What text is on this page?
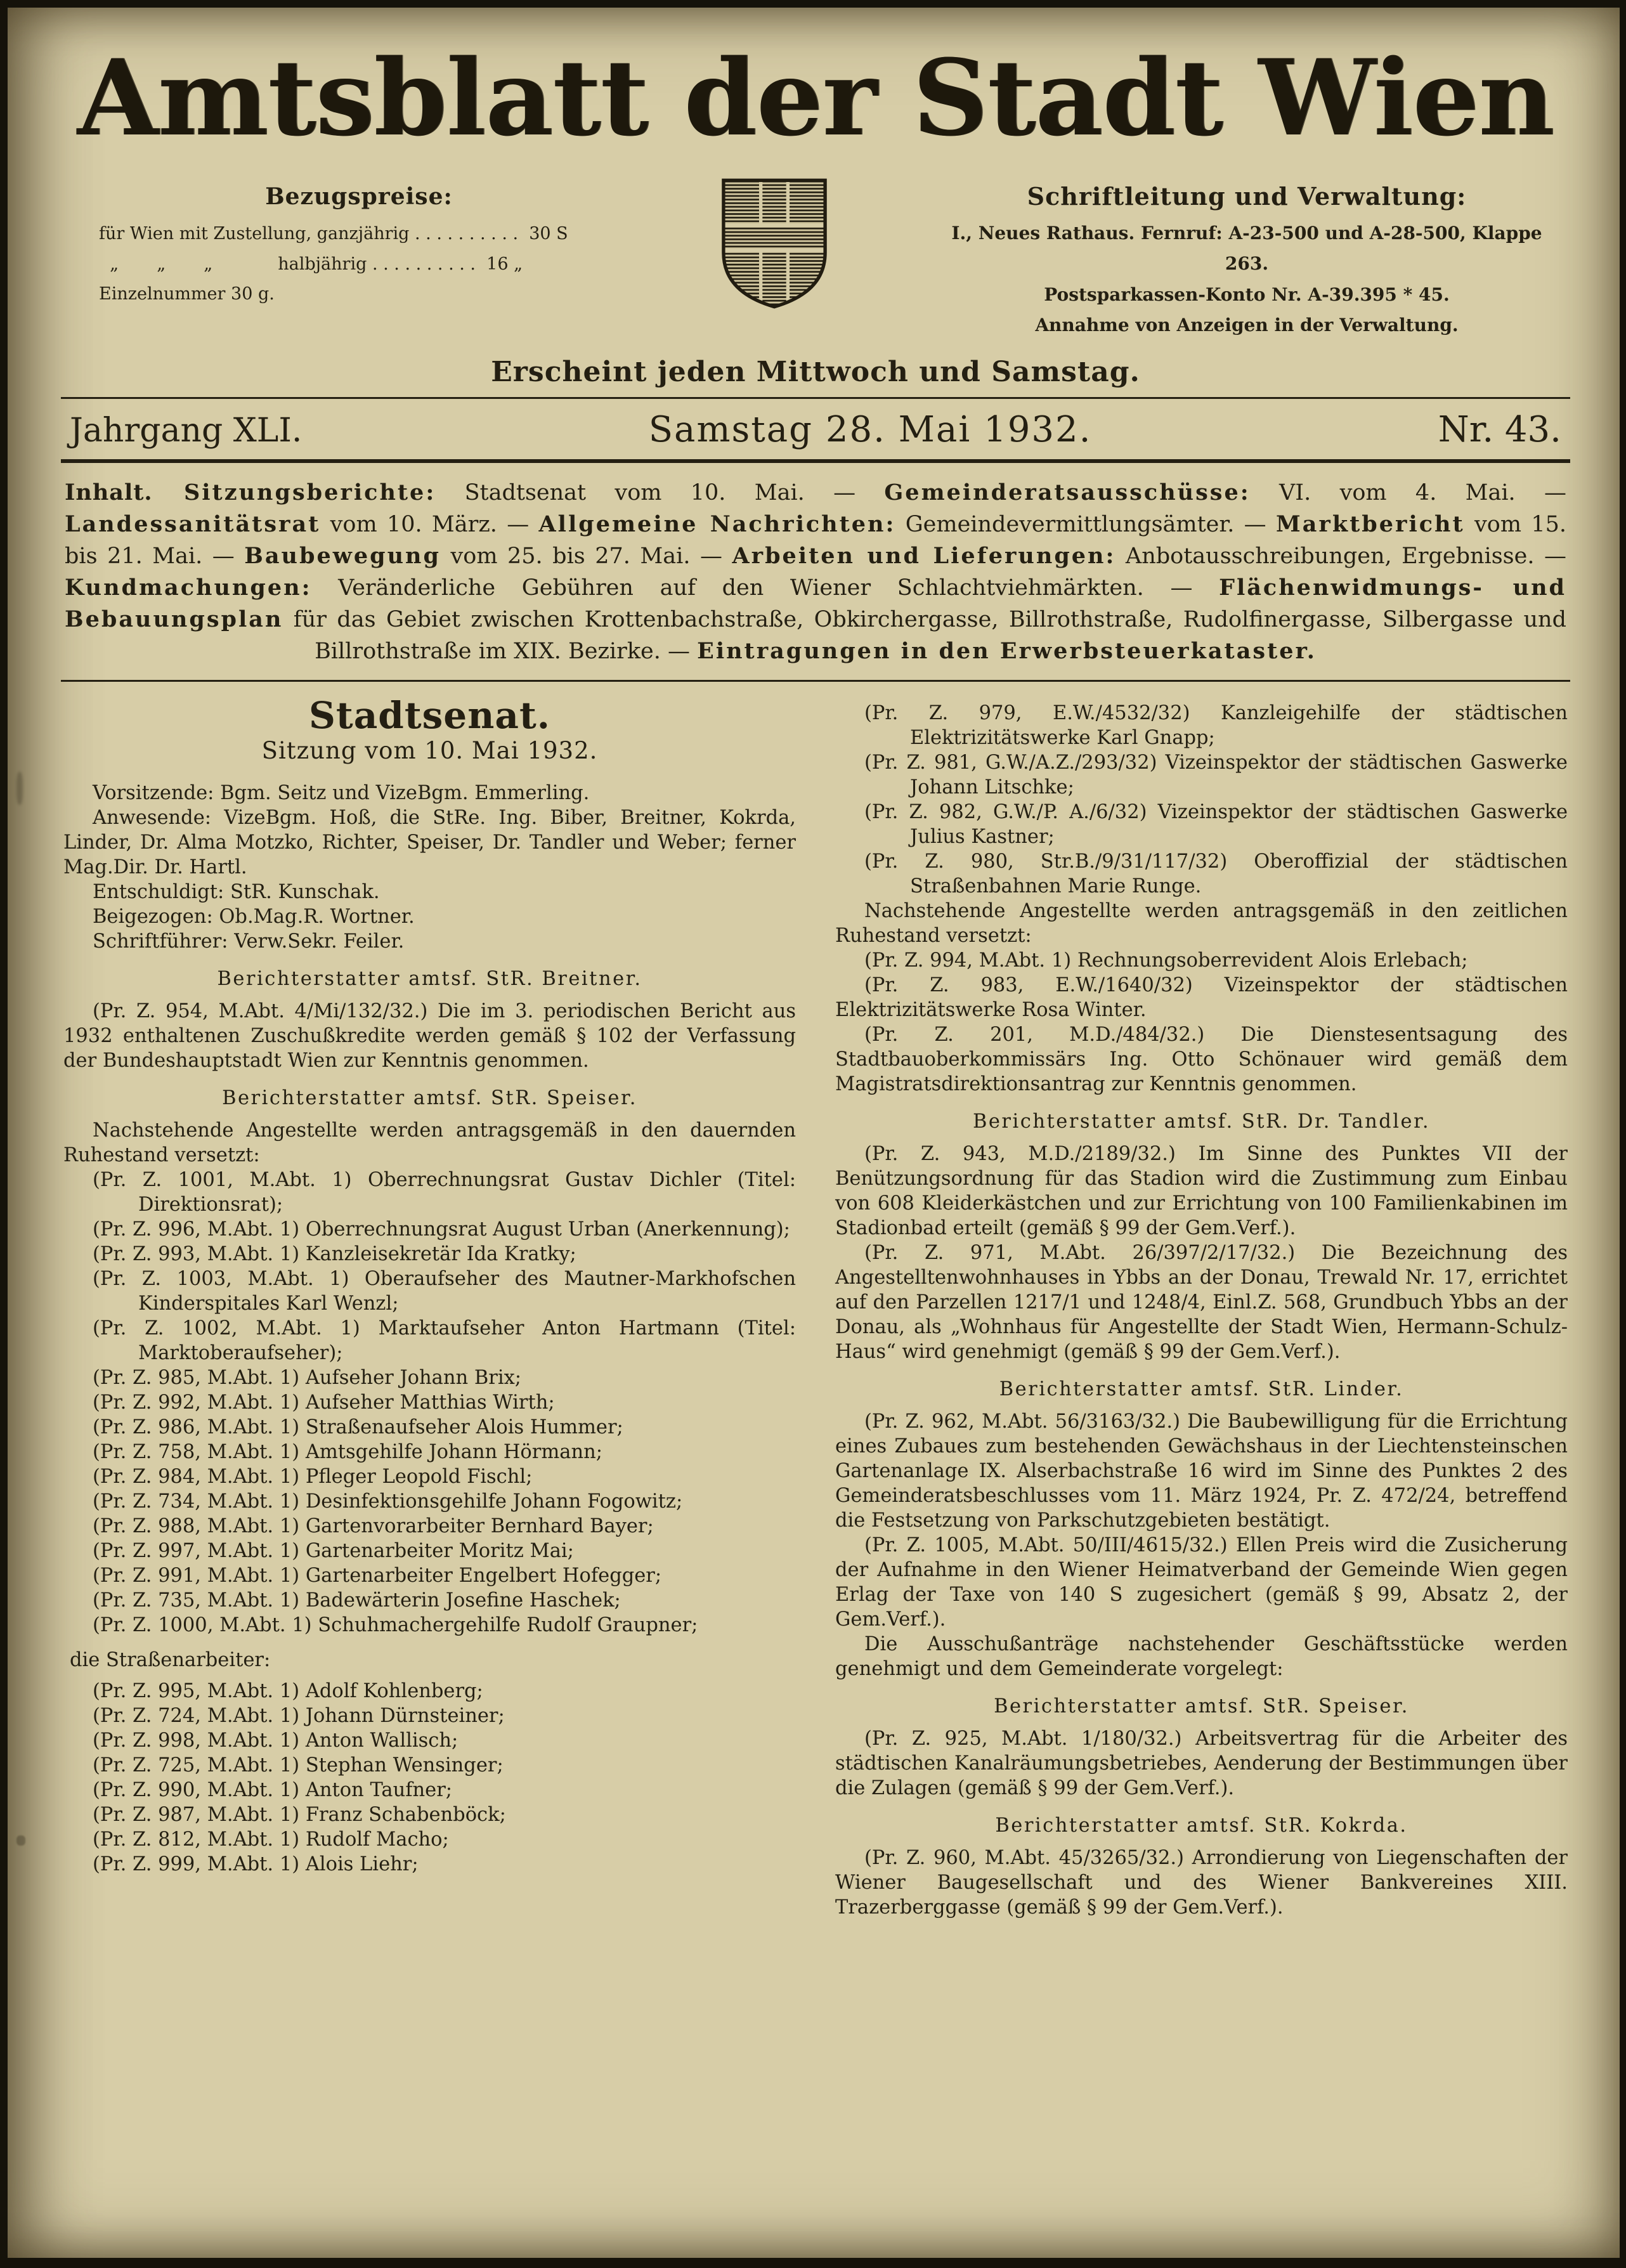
Amtsblatt der Stadt Wien
Bezugspreise:
für Wien mit Zustellung, ganzjährig . . . . . . . . . .  30 S
„       „       „            halbjährig . . . . . . . . . .  16 „
Einzelnummer 30 g.
Schriftleitung und Verwaltung:
I., Neues Rathaus. Fernruf: A-23-500 und A-28-500, Klappe 263.
Postsparkassen-Konto Nr. A-39.395 * 45.
Annahme von Anzeigen in der Verwaltung.
Erscheint jeden Mittwoch und Samstag.
Jahrgang XLI.	Samstag 28. Mai 1932.	Nr. 43.

Inhalt. Sitzungsberichte: Stadtsenat vom 10. Mai. — Gemeinderatsausschüsse: VI. vom 4. Mai. — Landessanitätsrat vom 10. März. — Allgemeine Nachrichten: Gemeindevermittlungsämter. — Marktbericht vom 15. bis 21. Mai. — Baubewegung vom 25. bis 27. Mai. — Arbeiten und Lieferungen: Anbotausschreibungen, Ergebnisse. — Kundmachungen: Veränderliche Gebühren auf den Wiener Schlachtviehmärkten. — Flächenwidmungs- und Bebauungsplan für das Gebiet zwischen Krottenbachstraße, Obkirchergasse, Billrothstraße, Rudolfinergasse, Silbergasse und Billrothstraße im XIX. Bezirke. — Eintragungen in den Erwerbsteuerkataster.

Stadtsenat.

Sitzung vom 10. Mai 1932.

Vorsitzende: Bgm. Seitz und VizeBgm. Emmerling.

Anwesende: VizeBgm. Hoß, die StRe. Ing. Biber, Breitner, Kokrda, Linder, Dr. Alma Motzko, Richter, Speiser, Dr. Tandler und Weber; ferner Mag.Dir. Dr. Hartl.

Entschuldigt: StR. Kunschak.

Beigezogen: Ob.Mag.R. Wortner.

Schriftführer: Verw.Sekr. Feiler.

Berichterstatter amtsf. StR. Breitner.

(Pr. Z. 954, M.Abt. 4/Mi/132/32.) Die im 3. periodischen Bericht aus 1932 enthaltenen Zuschußkredite werden gemäß § 102 der Verfassung der Bundeshauptstadt Wien zur Kenntnis genommen.

Berichterstatter amtsf. StR. Speiser.

Nachstehende Angestellte werden antragsgemäß in den dauernden Ruhestand versetzt:

(Pr. Z. 1001, M.Abt. 1) Oberrechnungsrat Gustav Dichler (Titel: Direktionsrat);

(Pr. Z. 996, M.Abt. 1) Oberrechnungsrat August Urban (Anerkennung);

(Pr. Z. 993, M.Abt. 1) Kanzleisekretär Ida Kratky;

(Pr. Z. 1003, M.Abt. 1) Oberaufseher des Mautner-Markhofschen Kinderspitales Karl Wenzl;

(Pr. Z. 1002, M.Abt. 1) Marktaufseher Anton Hartmann (Titel: Marktoberaufseher);

(Pr. Z. 985, M.Abt. 1) Aufseher Johann Brix;

(Pr. Z. 992, M.Abt. 1) Aufseher Matthias Wirth;

(Pr. Z. 986, M.Abt. 1) Straßenaufseher Alois Hummer;

(Pr. Z. 758, M.Abt. 1) Amtsgehilfe Johann Hörmann;

(Pr. Z. 984, M.Abt. 1) Pfleger Leopold Fischl;

(Pr. Z. 734, M.Abt. 1) Desinfektionsgehilfe Johann Fogowitz;

(Pr. Z. 988, M.Abt. 1) Gartenvorarbeiter Bernhard Bayer;

(Pr. Z. 997, M.Abt. 1) Gartenarbeiter Moritz Mai;

(Pr. Z. 991, M.Abt. 1) Gartenarbeiter Engelbert Hofegger;

(Pr. Z. 735, M.Abt. 1) Badewärterin Josefine Haschek;

(Pr. Z. 1000, M.Abt. 1) Schuhmachergehilfe Rudolf Graupner;

die Straßenarbeiter:

(Pr. Z. 995, M.Abt. 1) Adolf Kohlenberg;

(Pr. Z. 724, M.Abt. 1) Johann Dürnsteiner;

(Pr. Z. 998, M.Abt. 1) Anton Wallisch;

(Pr. Z. 725, M.Abt. 1) Stephan Wensinger;

(Pr. Z. 990, M.Abt. 1) Anton Taufner;

(Pr. Z. 987, M.Abt. 1) Franz Schabenböck;

(Pr. Z. 812, M.Abt. 1) Rudolf Macho;

(Pr. Z. 999, M.Abt. 1) Alois Liehr;

(Pr. Z. 979, E.W./4532/32) Kanzleigehilfe der städtischen Elektrizitätswerke Karl Gnapp;

(Pr. Z. 981, G.W./A.Z./293/32) Vizeinspektor der städtischen Gaswerke Johann Litschke;

(Pr. Z. 982, G.W./P. A./6/32) Vizeinspektor der städtischen Gaswerke Julius Kastner;

(Pr. Z. 980, Str.B./9/31/117/32) Oberoffizial der städtischen Straßenbahnen Marie Runge.

Nachstehende Angestellte werden antragsgemäß in den zeitlichen Ruhestand versetzt:

(Pr. Z. 994, M.Abt. 1) Rechnungsoberrevident Alois Erlebach;

(Pr. Z. 983, E.W./1640/32) Vizeinspektor der städtischen Elektrizitätswerke Rosa Winter.

(Pr. Z. 201, M.D./484/32.) Die Dienstesentsagung des Stadtbauoberkommissärs Ing. Otto Schönauer wird gemäß dem Magistratsdirektionsantrag zur Kenntnis genommen.

Berichterstatter amtsf. StR. Dr. Tandler.

(Pr. Z. 943, M.D./2189/32.) Im Sinne des Punktes VII der Benützungsordnung für das Stadion wird die Zustimmung zum Einbau von 608 Kleiderkästchen und zur Errichtung von 100 Familienkabinen im Stadionbad erteilt (gemäß § 99 der Gem.Verf.).

(Pr. Z. 971, M.Abt. 26/397/2/17/32.) Die Bezeichnung des Angestelltenwohnhauses in Ybbs an der Donau, Trewald Nr. 17, errichtet auf den Parzellen 1217/1 und 1248/4, Einl.Z. 568, Grundbuch Ybbs an der Donau, als „Wohnhaus für Angestellte der Stadt Wien, Hermann-Schulz-Haus“ wird genehmigt (gemäß § 99 der Gem.Verf.).

Berichterstatter amtsf. StR. Linder.

(Pr. Z. 962, M.Abt. 56/3163/32.) Die Baubewilligung für die Errichtung eines Zubaues zum bestehenden Gewächshaus in der Liechtensteinschen Gartenanlage IX. Alserbachstraße 16 wird im Sinne des Punktes 2 des Gemeinderatsbeschlusses vom 11. März 1924, Pr. Z. 472/24, betreffend die Festsetzung von Parkschutzgebieten bestätigt.

(Pr. Z. 1005, M.Abt. 50/III/4615/32.) Ellen Preis wird die Zusicherung der Aufnahme in den Wiener Heimatverband der Gemeinde Wien gegen Erlag der Taxe von 140 S zugesichert (gemäß § 99, Absatz 2, der Gem.Verf.).

Die Ausschußanträge nachstehender Geschäftsstücke werden genehmigt und dem Gemeinderate vorgelegt:

Berichterstatter amtsf. StR. Speiser.

(Pr. Z. 925, M.Abt. 1/180/32.) Arbeitsvertrag für die Arbeiter des städtischen Kanalräumungsbetriebes, Aenderung der Bestimmungen über die Zulagen (gemäß § 99 der Gem.Verf.).

Berichterstatter amtsf. StR. Kokrda.

(Pr. Z. 960, M.Abt. 45/3265/32.) Arrondierung von Liegenschaften der Wiener Baugesellschaft und des Wiener Bankvereines XIII. Trazerberggasse (gemäß § 99 der Gem.Verf.).
